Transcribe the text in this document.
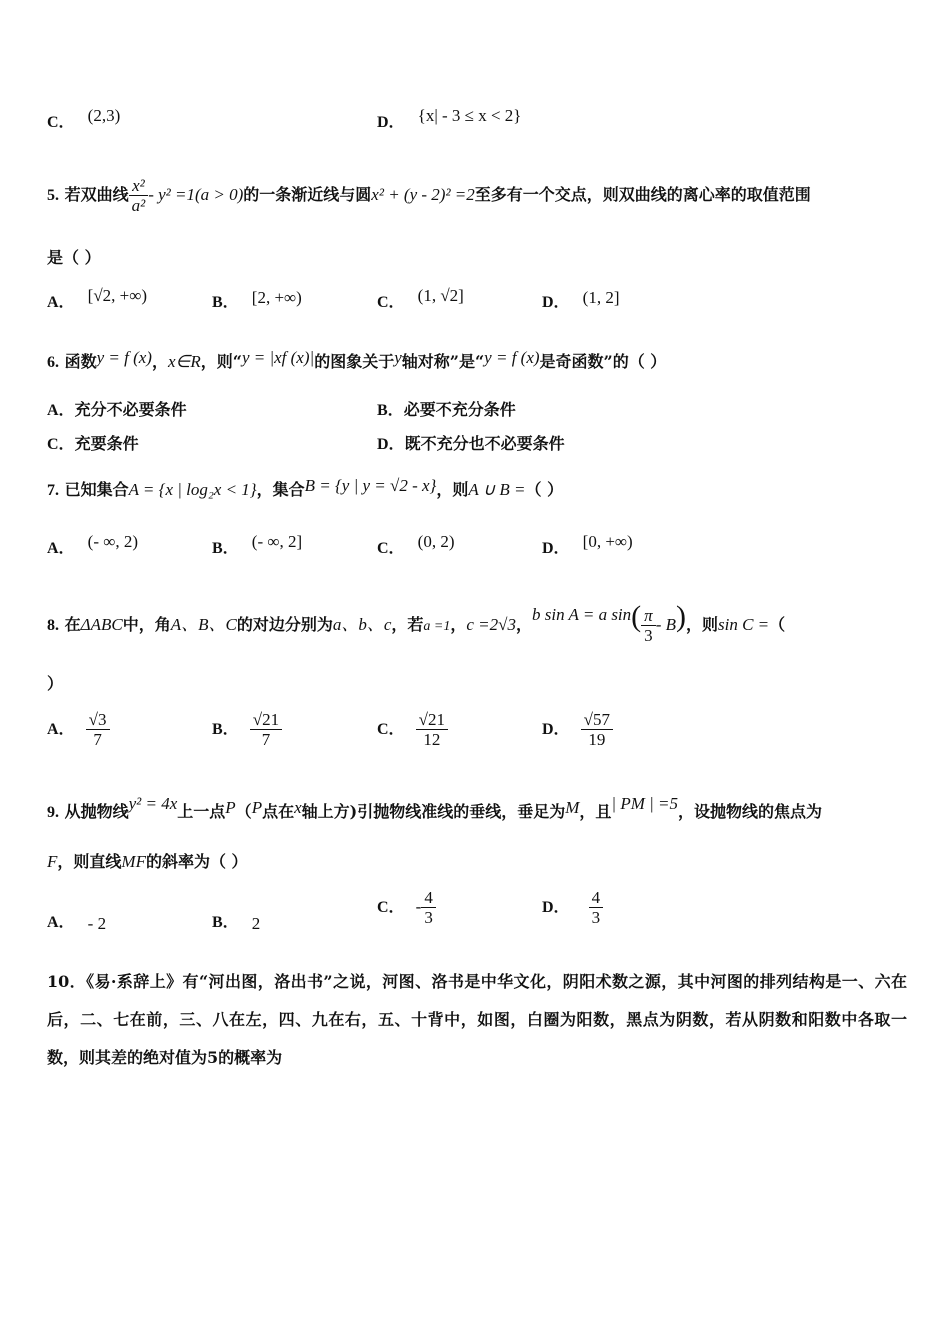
C． (2,3)	D． {x| - 3 ≤ x < 2}
5. 若双曲线 $\frac{\text{x²}}{\text{a²}} - y^2 =1(a > 0)$的一条渐近线与圆x² + (y - 2)² =2至多有一个交点，则双曲线的离心率的取值范围
是（ ）
A． [√2, +∞)	B． [2, +∞)	C． (1, √2]	D． (1, 2]
6. 函数y = f (x)，x∈R，则“y = |xf (x)|的图象关于y轴对称”是“y = f (x)是奇函数”的（ ）
A．充分不必要条件	B．必要不充分条件
C．充要条件	D．既不充分也不必要条件
7. 已知集合A = {x | log₂x < 1}，集合B = {y | y = √2 - x}，则A ∪ B =（ ）
A． (- ∞, 2)	B． (- ∞, 2]	C． (0, 2)	D． [0, +∞)
8. 在ΔABC中，角A、B、C的对边分别为a、b、c，若a =1，c =2√3，b sin A = a $\sin( \frac{\pi}{3} - B)$，则sin C =（
）
A． $\frac{√3}{7}$	B． $\frac{√21}{7}$	C． $\frac{√21}{12}$	D． $\frac{√57}{19}$
9. 从抛物线y² = 4x上一点P（P点在x轴上方)引抛物线准线的垂线，垂足为M，且| PM | =5，设抛物线的焦点为
F，则直线MF的斜率为（ ）
A． - 2	B． 2
C． - $\frac{4}{3}$	D． $\frac{4}{3}$
10．《易·系辞上》有“河出图，洛出书”之说，河图、洛书是中华文化，阴阳术数之源，其中河图的排列结构是一、六在后，二、七在前，三、八在左，四、九在右，五、十背中，如图，白圈为阳数，黑点为阴数，若从阴数和阳数中各取一数，则其差的绝对值为5的概率为
